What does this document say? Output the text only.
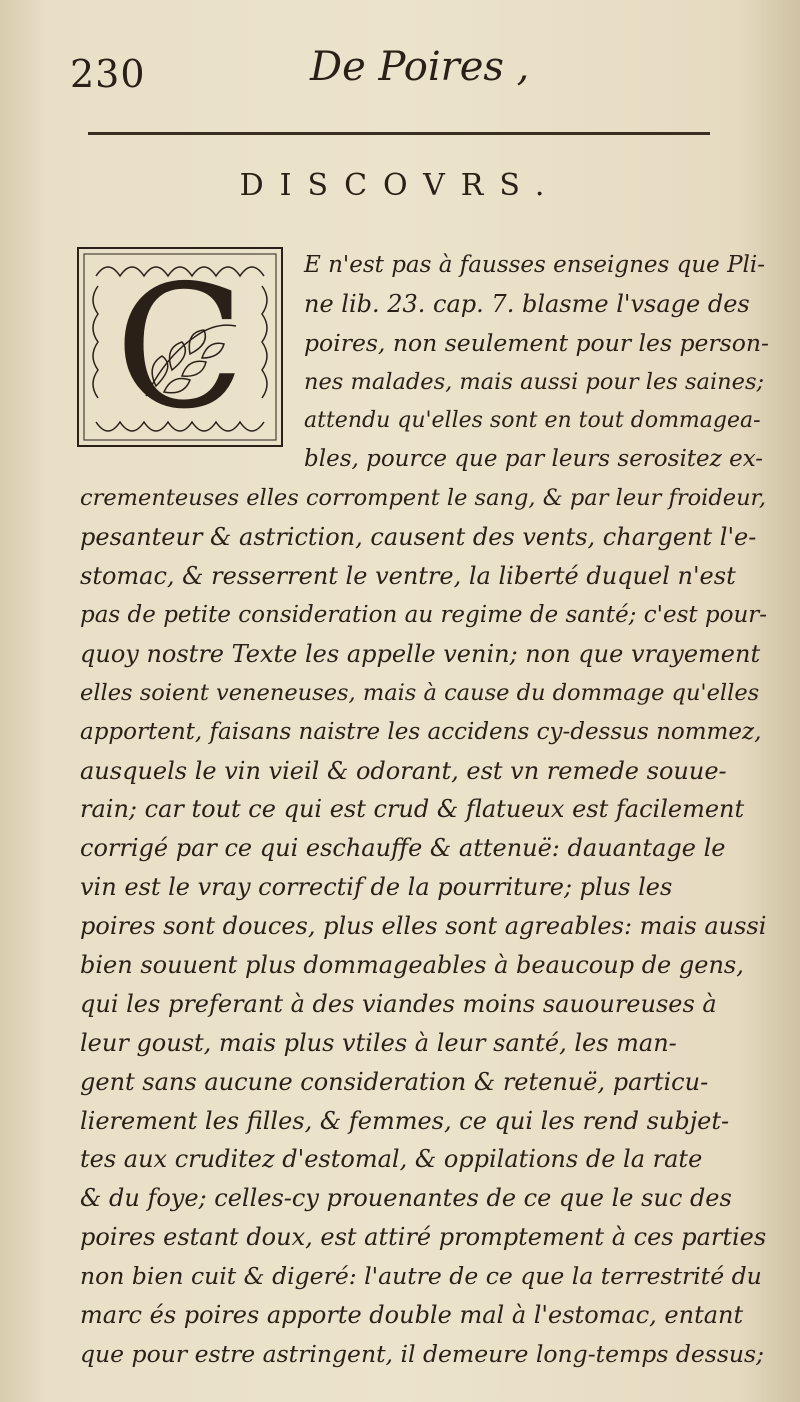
230	De Poires ,
DISCOVRS.
C	E n'est pas à fausses enseignes que Pli-
ne lib. 23. cap. 7. blasme l'vsage des
poires, non seulement pour les person-
nes malades, mais aussi pour les saines;
attendu qu'elles sont en tout dommagea-
bles, pource que par leurs serositez ex-
crementeuses elles corrompent le sang, & par leur froideur,
pesanteur & astriction, causent des vents, chargent l'e-
stomac, & resserrent le ventre, la liberté duquel n'est
pas de petite consideration au regime de santé; c'est pour-
quoy nostre Texte les appelle venin; non que vrayement
elles soient veneneuses, mais à cause du dommage qu'elles
apportent, faisans naistre les accidens cy-dessus nommez,
ausquels le vin vieil & odorant, est vn remede souue-
rain; car tout ce qui est crud & flatueux est facilement
corrigé par ce qui eschauffe & attenuë: dauantage le
vin est le vray correctif de la pourriture; plus les
poires sont douces, plus elles sont agreables: mais aussi
bien souuent plus dommageables à beaucoup de gens,
qui les preferant à des viandes moins sauoureuses à
leur goust, mais plus vtiles à leur santé, les man-
gent sans aucune consideration & retenuë, particu-
lierement les filles, & femmes, ce qui les rend subjet-
tes aux cruditez d'estomal, & oppilations de la rate
& du foye; celles-cy prouenantes de ce que le suc des
poires estant doux, est attiré promptement à ces parties
non bien cuit & digeré: l'autre de ce que la terrestrité du
marc és poires apporte double mal à l'estomac, entant
que pour estre astringent, il demeure long-temps dessus;
